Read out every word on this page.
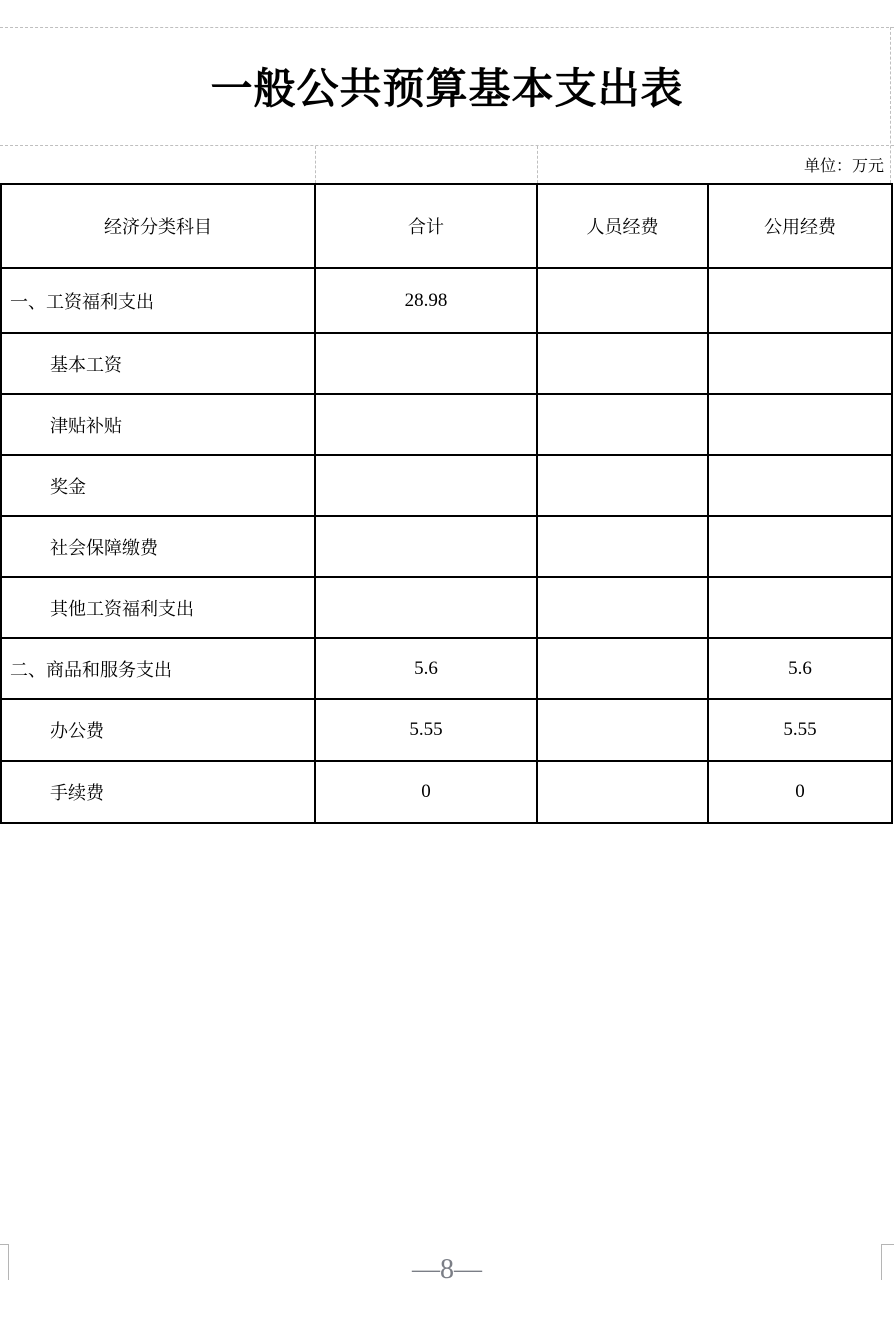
一般公共预算基本支出表
单位：万元
经济分类科目	合计	人员经费	公用经费
一、工资福利支出	28.98		
基本工资			
津贴补贴			
奖金			
社会保障缴费			
其他工资福利支出			
二、商品和服务支出	5.6		5.6
办公费	5.55		5.55
手续费	0		0
—8—
